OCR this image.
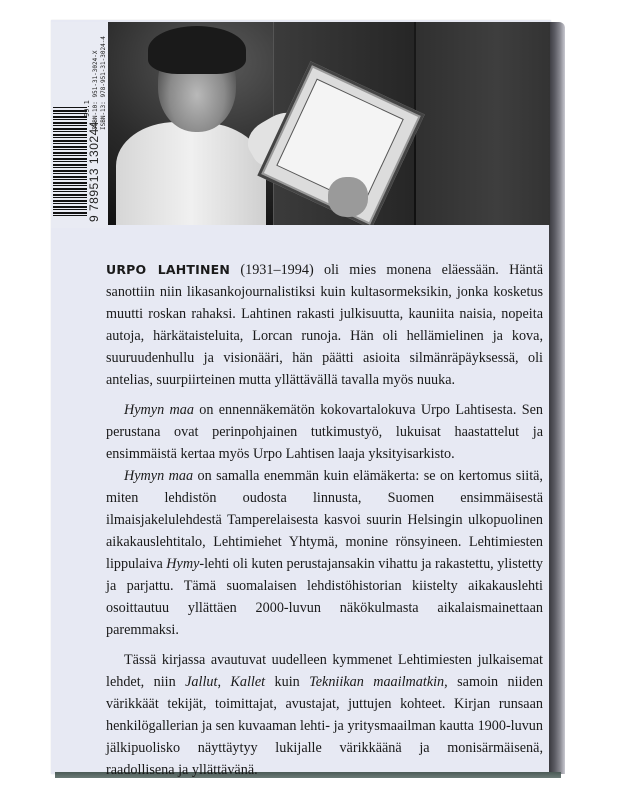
9 789513 130244
99.1 ISBN-10: 951-31-3024-X ISBN-13: 978-951-31-3024-4

URPO LAHTINEN (1931–1994) oli mies monena eläessään. Häntä sanottiin niin likasankojournalistiksi kuin kultasormeksikin, jonka kosketus muutti roskan rahaksi. Lahtinen rakasti julkisuutta, kauniita naisia, nopeita autoja, härkätaisteluita, Lorcan runoja. Hän oli hellämielinen ja kova, suuruudenhullu ja visionääri, hän päätti asioita silmänräpäyksessä, oli antelias, suurpiirteinen mutta yllättävällä tavalla myös nuuka.

Hymyn maa on ennennäkemätön kokovartalokuva Urpo Lahtisesta. Sen perustana ovat perinpohjainen tutkimustyö, lukuisat haastattelut ja ensimmäistä kertaa myös Urpo Lahtisen laaja yksityisarkisto.

Hymyn maa on samalla enemmän kuin elämäkerta: se on kertomus siitä, miten lehdistön oudosta linnusta, Suomen ensimmäisestä ilmaisjakelulehdestä Tamperelaisesta kasvoi suurin Helsingin ulkopuolinen aikakauslehtitalo, Lehtimiehet Yhtymä, monine rönsyineen. Lehtimiesten lippulaiva Hymy-lehti oli kuten perustajansakin vihattu ja rakastettu, ylistetty ja parjattu. Tämä suomalaisen lehdistöhistorian kiistelty aikakauslehti osoittautuu yllättäen 2000-luvun näkökulmasta aikalaismainettaan paremmaksi.

Tässä kirjassa avautuvat uudelleen kymmenet Lehtimiesten julkaisemat lehdet, niin Jallut, Kallet kuin Tekniikan maailmatkin, samoin niiden värikkäät tekijät, toimittajat, avustajat, juttujen kohteet. Kirjan runsaan henkilögallerian ja sen kuvaaman lehti- ja yritysmaailman kautta 1900-luvun jälkipuolisko näyttäytyy lukijalle värikkäänä ja monisärmäisenä, raadollisena ja yllättävänä.
